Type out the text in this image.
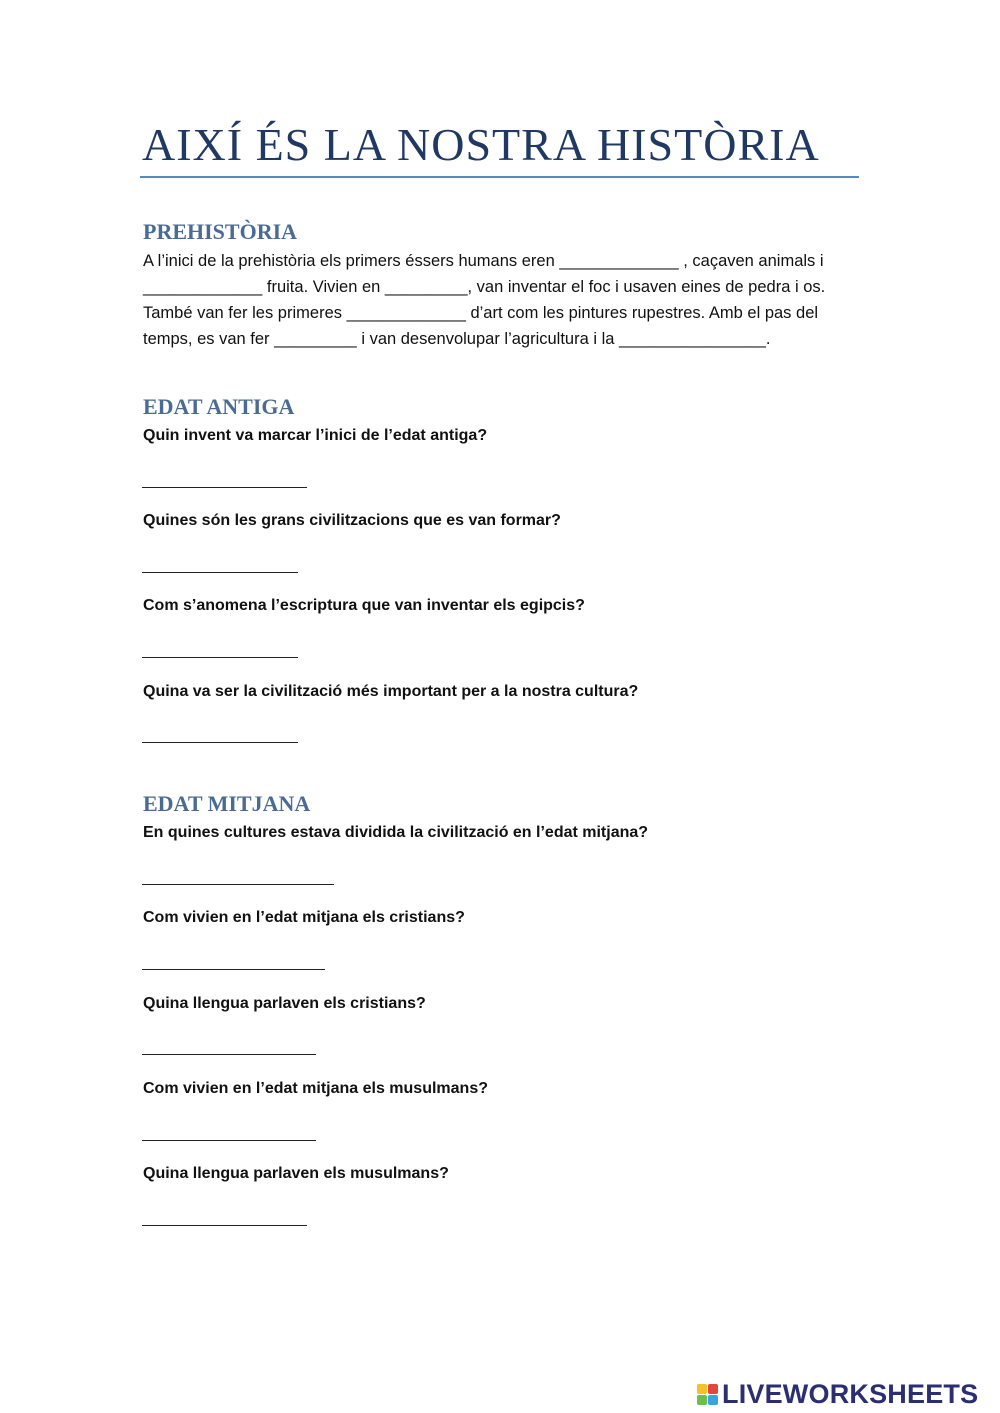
AIXÍ ÉS LA NOSTRA HISTÒRIA
PREHISTÒRIA
A l’inici de la prehistòria els primers éssers humans eren _____________ , caçaven animals i
_____________ fruita. Vivien en _________, van inventar el foc i usaven eines de pedra i os.
També van fer les primeres _____________ d’art com les pintures rupestres. Amb el pas del
temps, es van fer _________ i van desenvolupar l’agricultura i la ________________.
EDAT ANTIGA
Quin invent va marcar l’inici de l’edat antiga?
Quines són les grans civilitzacions que es van formar?
Com s’anomena l’escriptura que van inventar els egipcis?
Quina va ser la civilització més important per a la nostra cultura?
EDAT MITJANA
En quines cultures estava dividida la civilització en l’edat mitjana?
Com vivien en l’edat mitjana els cristians?
Quina llengua parlaven els cristians?
Com vivien en l’edat mitjana els musulmans?
Quina llengua parlaven els musulmans?
LIVEWORKSHEETS
